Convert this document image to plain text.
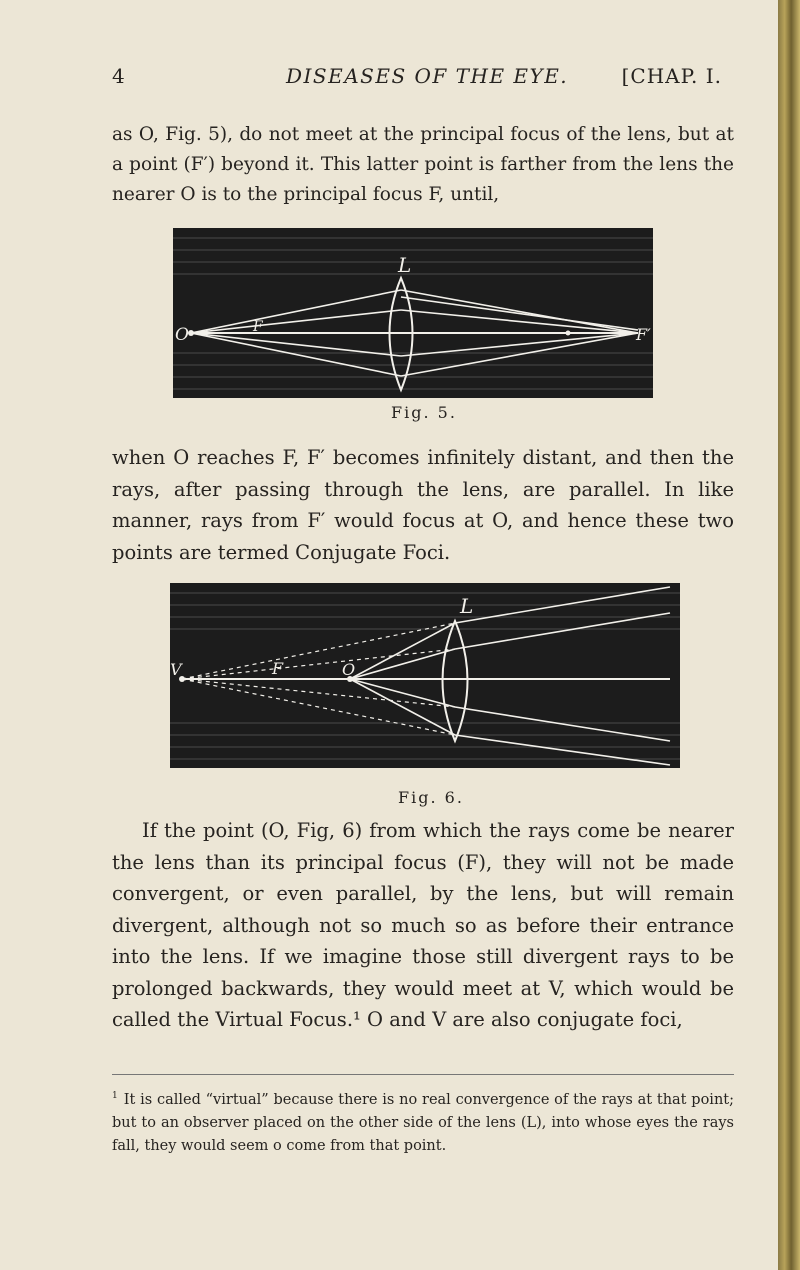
4	DISEASES OF THE EYE.	[CHAP. I.

as O, Fig. 5), do not meet at the principal focus of the lens, but at a point (F′) beyond it. This latter point is farther from the lens the nearer O is to the principal focus F, until,

L
O	F	F′
Fig. 5.

when O reaches F, F′ becomes infinitely distant, and then the rays, after passing through the lens, are parallel. In like manner, rays from F′ would focus at O, and hence these two points are termed Conjugate Foci.

L
V	F	O
Fig. 6.

If the point (O, Fig, 6) from which the rays come be nearer the lens than its principal focus (F), they will not be made convergent, or even parallel, by the lens, but will remain divergent, although not so much so as before their entrance into the lens. If we imagine those still divergent rays to be prolonged backwards, they would meet at V, which would be called the Virtual Focus.¹ O and V are also conjugate foci,

$^1$ It is called “virtual” because there is no real convergence of the rays at that point; but to an observer placed on the other side of the lens (L), into whose eyes the rays fall, they would seem o come from that point.
